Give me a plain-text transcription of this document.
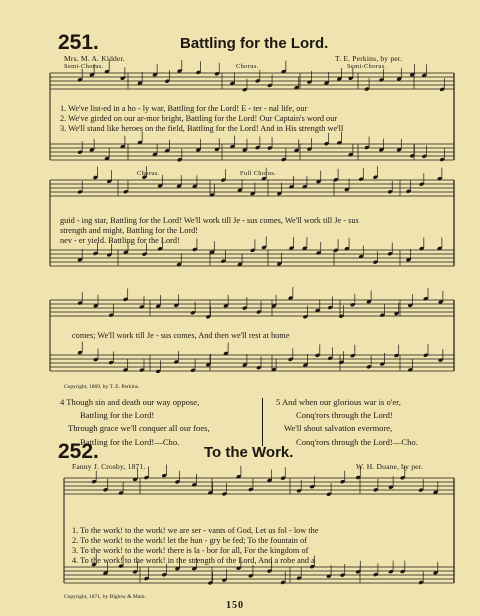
251.	Battling for the Lord.
Mrs. M. A. Kidder.	T. E. Perkins, by per.
Semi-Chorus.	Chorus.	Semi-Chorus.
1. We've list-ed in a ho - ly war, Battling for the Lord! E - ter - nal life, our
2. We've girded on our ar-mor bright, Battling for the Lord! Our Captain's word our
3. We'll stand like heroes on the field, Battling for the Lord! And in His strength we'll
Chorus.	Full Chorus.
guid - ing star, Battling for the Lord! We'll work till Je - sus comes, We'll work till Je - sus
strength and might, Battling for the Lord!
nev - er yield. Battling for the Lord!
comes; We'll work till Je - sus comes, And then we'll rest at home
Copyright, 1869, by T. E. Perkins.
4 Though sin and death our way oppose,
Battling for the Lord!
Through grace we'll conquer all our foes,
Battling for the Lord!—Cho.
5 And when our glorious war is o'er,
Conq'rors through the Lord!
We'll shout salvation evermore,
Conq'rors through the Lord!—Cho.
252.	To the Work.
Fanny J. Crosby, 1871.	W. H. Doane, by per.
1. To the work! to the work! we are ser - vants of God, Let us fol - low the
2. To the work! to the work! let the hun - gry be fed; To the fountain of
3. To the work! to the work! there is la - bor for all, For the kingdom of
4. To the work! to the work! in the strength of the Lord, And a robe and a
Copyright, 1871, by Biglow & Main.
150
